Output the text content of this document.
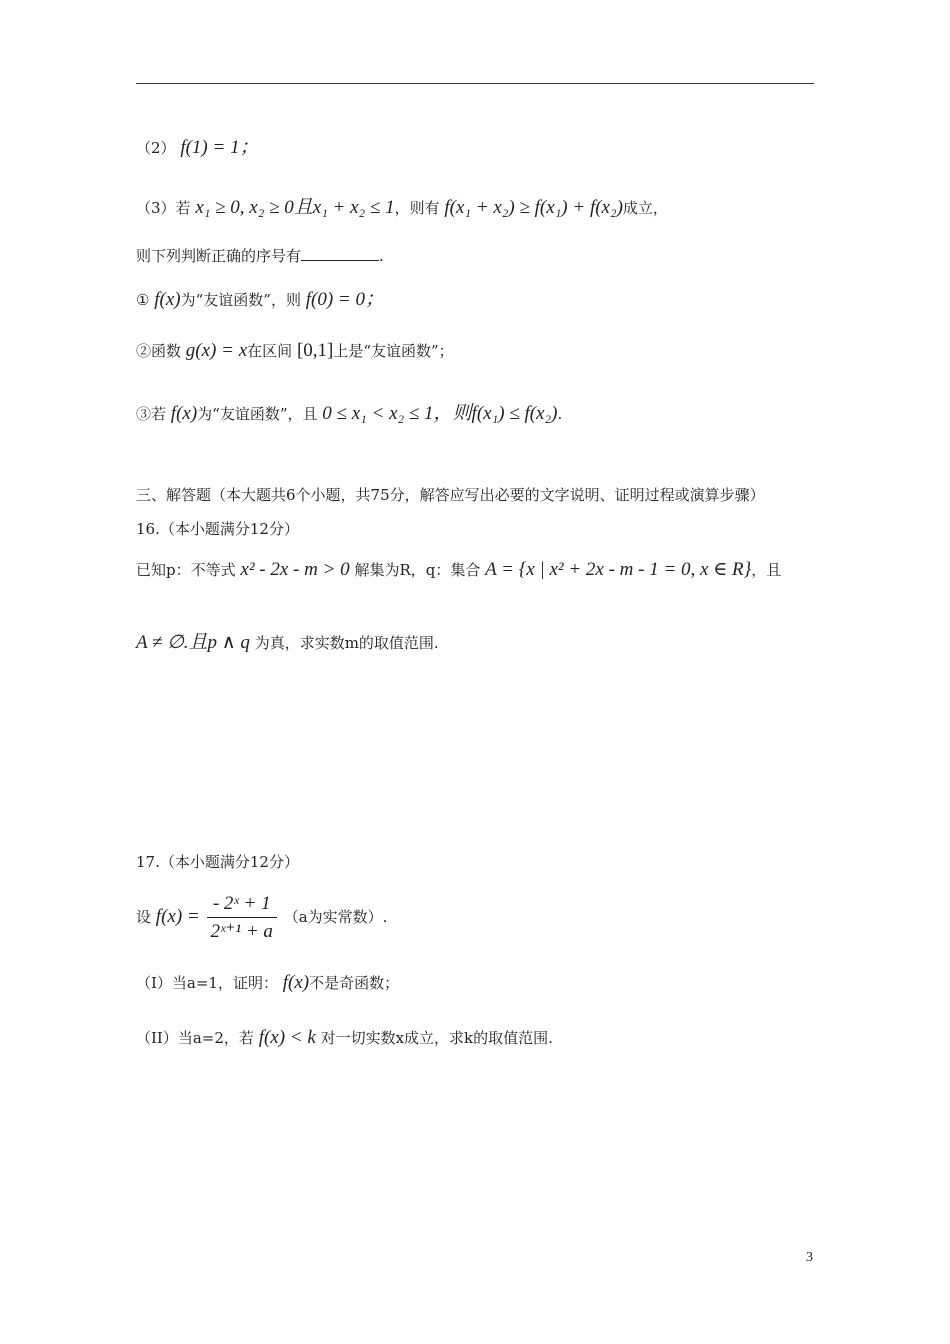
（2） f(1) = 1；
（3）若 x₁ ≥ 0, x₂ ≥ 0且x₁ + x₂ ≤ 1，则有 f(x₁ + x₂) ≥ f(x₁) + f(x₂)成立，
则下列判断正确的序号有	.
① f(x)为“友谊函数”，则 f(0) = 0；
②函数 g(x) = x在区间 [0,1]上是“友谊函数”；
③若 f(x)为“友谊函数”，且 0 ≤ x₁ < x₂ ≤ 1，则f(x₁) ≤ f(x₂).
三、解答题（本大题共6个小题，共75分，解答应写出必要的文字说明、证明过程或演算步骤）
16.（本小题满分12分）
已知p：不等式 x² - 2x - m > 0 解集为R，q：集合 A = {x | x² + 2x - m - 1 = 0, x ∈ R}，且
A ≠ ∅.且p ∧ q 为真，求实数m的取值范围.
17.（本小题满分12分）
设 $f(x) = \frac{\text{- 2ˣ + 1}}{\text{2ˣ⁺¹ + a}} (a$为实常数）.
（I）当a=1，证明： f(x)不是奇函数；
（II）当a=2，若 f(x) < k 对一切实数x成立，求k的取值范围.
3
